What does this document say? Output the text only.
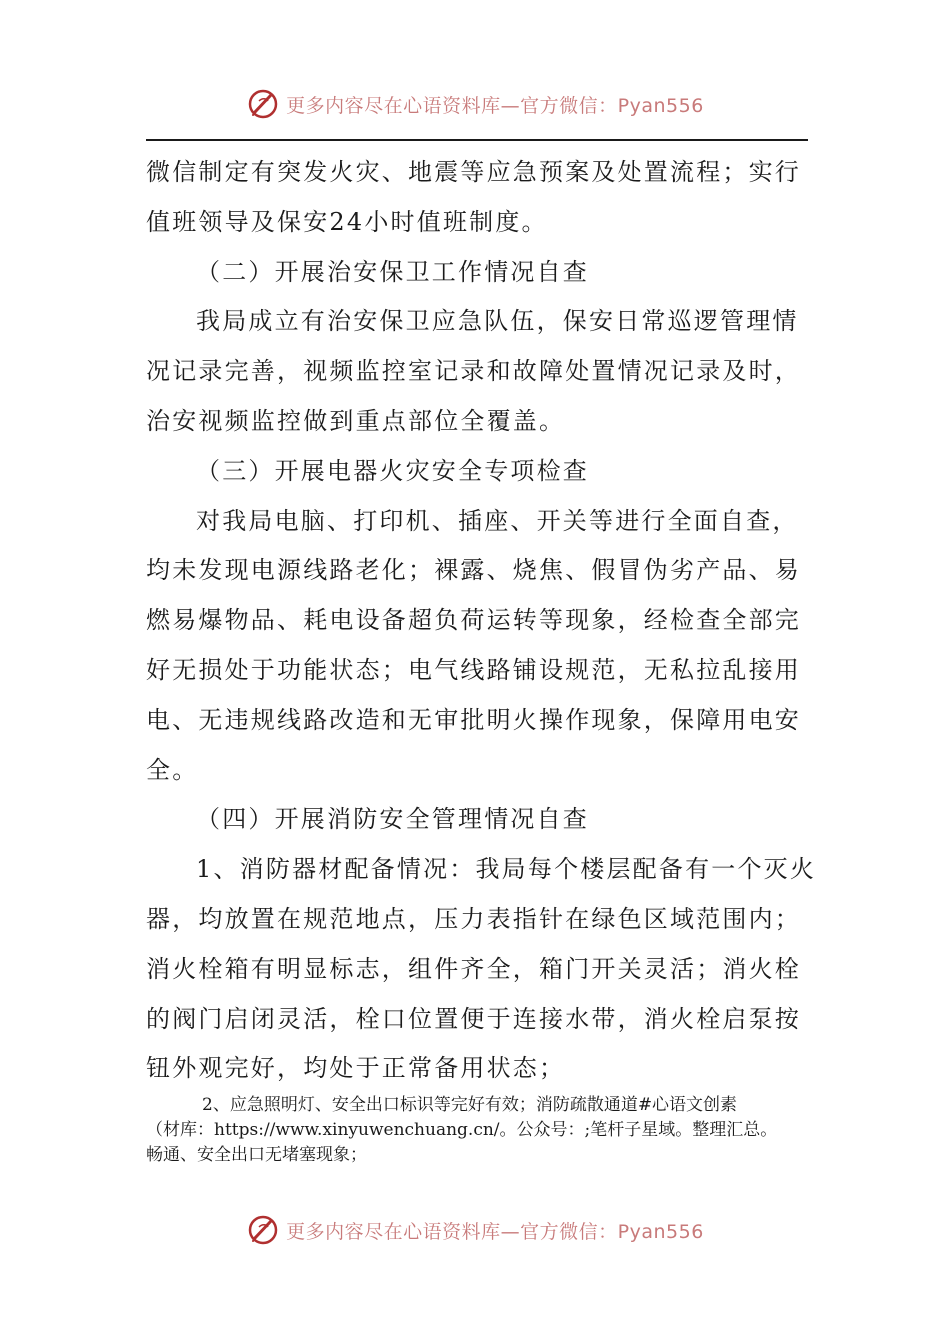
更多内容尽在心语资料库—官方微信：Pyan556
微信制定有突发火灾、地震等应急预案及处置流程；实行
值班领导及保安24小时值班制度。
（二）开展治安保卫工作情况自查
我局成立有治安保卫应急队伍，保安日常巡逻管理情
况记录完善，视频监控室记录和故障处置情况记录及时，
治安视频监控做到重点部位全覆盖。
（三）开展电器火灾安全专项检查
对我局电脑、打印机、插座、开关等进行全面自查，
均未发现电源线路老化；裸露、烧焦、假冒伪劣产品、易
燃易爆物品、耗电设备超负荷运转等现象，经检查全部完
好无损处于功能状态；电气线路铺设规范，无私拉乱接用
电、无违规线路改造和无审批明火操作现象，保障用电安
全。
（四）开展消防安全管理情况自查
1、消防器材配备情况：我局每个楼层配备有一个灭火
器，均放置在规范地点，压力表指针在绿色区域范围内；
消火栓箱有明显标志，组件齐全，箱门开关灵活；消火栓
的阀门启闭灵活，栓口位置便于连接水带，消火栓启泵按
钮外观完好，均处于正常备用状态；
2、应急照明灯、安全出口标识等完好有效；消防疏散通道#心语文创素
（材库：https://www.xinyuwenchuang.cn/。公众号：;笔杆子星域。整理汇总。
畅通、安全出口无堵塞现象；
更多内容尽在心语资料库—官方微信：Pyan556
